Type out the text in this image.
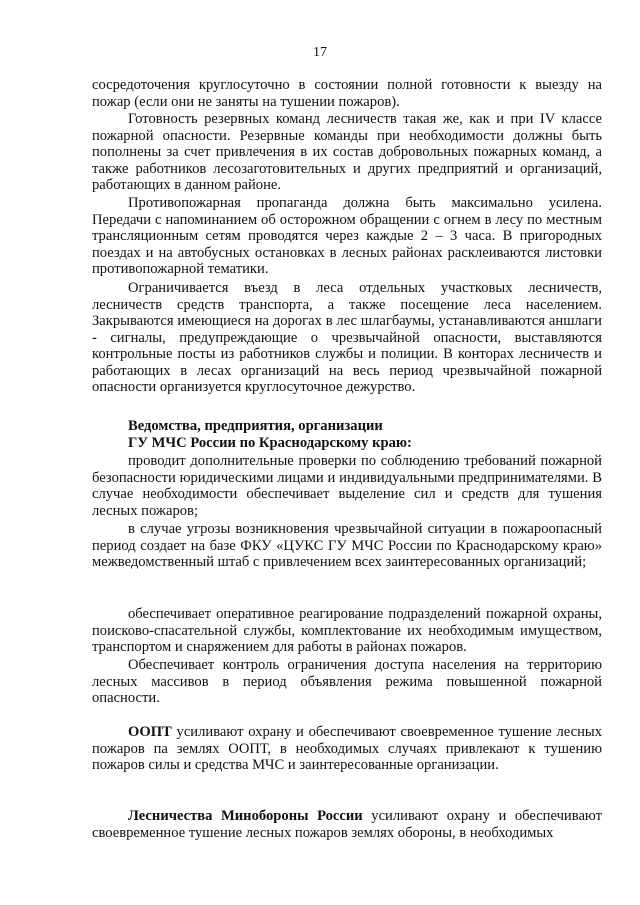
17

сосредоточения круглосуточно в состоянии полной готовности к выезду на пожар (если они не заняты на тушении пожаров).

Готовность резервных команд лесничеств такая же, как и при IV классе пожарной опасности. Резервные команды при необходимости должны быть пополнены за счет привлечения в их состав добровольных пожарных команд, а также работников лесозаготовительных и других предприятий и организаций, работающих в данном районе.

Противопожарная пропаганда должна быть максимально усилена. Передачи с напоминанием об осторожном обращении с огнем в лесу по местным трансляционным сетям проводятся через каждые 2 – 3 часа. В пригородных поездах и на автобусных остановках в лесных районах расклеиваются листовки противопожарной тематики.

Ограничивается въезд в леса отдельных участковых лесничеств, лесничеств средств транспорта, а также посещение леса населением. Закрываются имеющиеся на дорогах в лес шлагбаумы, устанавливаются аншлаги - сигналы, предупреждающие о чрезвычайной опасности, выставляются контрольные посты из работников службы и полиции. В конторах лесничеств и работающих в лесах организаций на весь период чрезвычайной пожарной опасности организуется круглосуточное дежурство.

Ведомства, предприятия, организации
ГУ МЧС России по Краснодарскому краю:

проводит дополнительные проверки по соблюдению требований пожарной безопасности юридическими лицами и индивидуальными предпринимателями. В случае необходимости обеспечивает выделение сил и средств для тушения лесных пожаров;

в случае угрозы возникновения чрезвычайной ситуации в пожароопасный период создает на базе ФКУ «ЦУКС ГУ МЧС России по Краснодарскому краю» межведомственный штаб с привлечением всех заинтересованных организаций;

обеспечивает оперативное реагирование подразделений пожарной охраны, поисково-спасательной службы, комплектование их необходимым имуществом, транспортом и снаряжением для работы в районах пожаров.

Обеспечивает контроль ограничения доступа населения на территорию лесных массивов в период объявления режима повышенной пожарной опасности.

ООПТ усиливают охрану и обеспечивают своевременное тушение лесных пожаров па землях ООПТ, в необходимых случаях привлекают к тушению пожаров силы и средства МЧС и заинтересованные организации.

Лесничества Минобороны России усиливают охрану и обеспечивают своевременное тушение лесных пожаров землях обороны, в необходимых
